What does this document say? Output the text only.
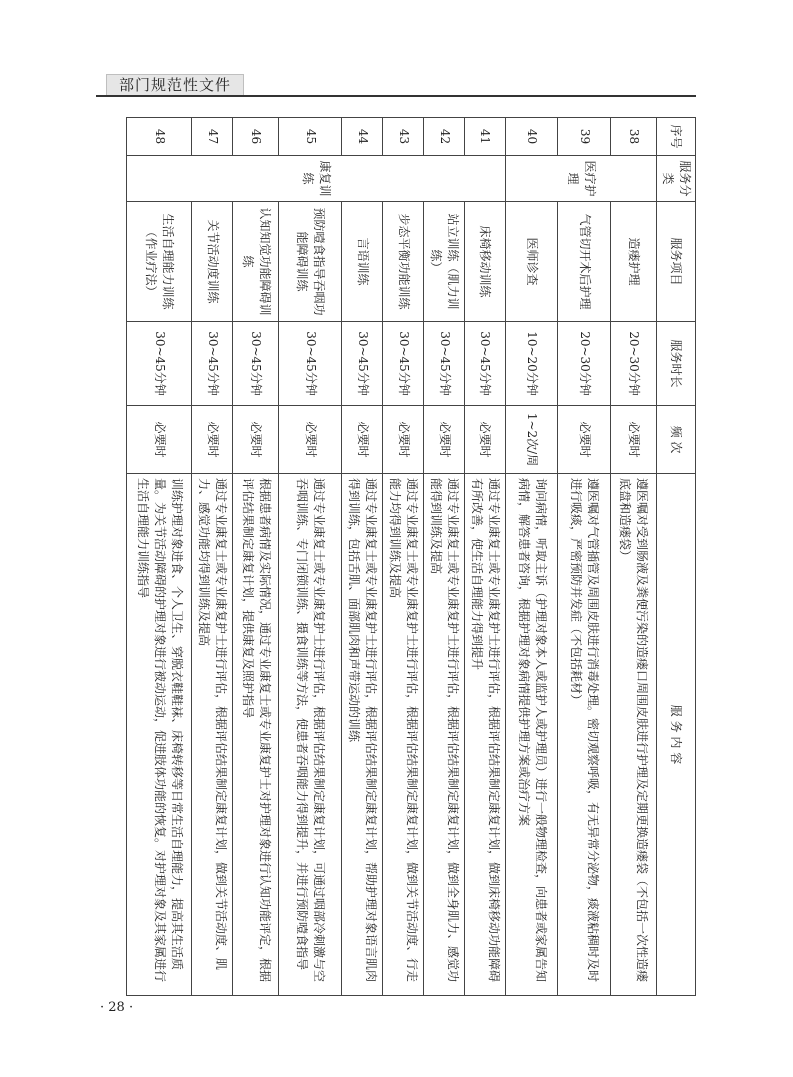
部门规范性文件
序号	服务分类	服务项目	服务时长	频 次	服 务 内 容
38	医疗护理	造瘘护理	20~30分钟	必要时	遵医嘱对受到肠液及粪便污染的造瘘口周围皮肤进行护理及定期更换造瘘袋（不包括一次性造瘘底盘和造瘘袋）
39		气管切开术后护理	20~30分钟	必要时	遵医嘱对气管插管及周围皮肤进行消毒处理。密切观察呼吸，有无异常分泌物，痰液粘稠时及时进行吸痰，严密预防并发症（不包括耗材）
40		医师诊查	10~20分钟	1~2次/周	询问病情，听取主诉（护理对象本人或监护人或护理员）进行一般物理检查，向患者或家属告知病情，解答患者咨询，根据护理对象病情提供护理方案或治疗方案
41	康复训练	床椅移动训练	30~45分钟	必要时	通过专业康复士或专业康复护士进行评估，根据评估结果制定康复计划，做到床椅移动功能障碍有所改善，使生活自理能力得到提升
42		站立训练（肌力训练）	30~45分钟	必要时	通过专业康复士或专业康复护士进行评估，根据评估结果制定康复计划，做到全身肌力、感觉功能得到训练及提高
43		步态平衡功能训练	30~45分钟	必要时	通过专业康复士或专业康复护士进行评估，根据评估结果制定康复计划，做到关节活动度、行走能力均得到训练及提高
44		言语训练	30~45分钟	必要时	通过专业康复士或专业康复护士进行评估，根据评估结果制定康复计划，帮助护理对象语言肌肉得到训练，包括舌肌、面部肌肉和声带运动的训练
45		预防噎食指导吞咽功能障碍训练	30~45分钟	必要时	通过专业康复士或专业康复护士进行评估，根据评估结果制定康复计划，可通过咽部冷刺激与空吞咽训练、专门闭锁训练、摄食训练等方法，使患者吞咽能力得到提升，并进行预防噎食指导
46		认知知觉功能障碍训练	30~45分钟	必要时	根据患者病情及实际情况，通过专业康复士或专业康复护士对护理对象进行认知功能评定，根据评估结果制定康复计划，提供康复及照护指导
47		关节活动度训练	30~45分钟	必要时	通过专业康复士或专业康复护士进行评估，根据评估结果制定康复计划，做到关节活动度、肌力、感觉功能均得到训练及提高
48		生活自理能力训练（作业疗法）	30~45分钟	必要时	训练护理对象进食、个人卫生、穿脱衣鞋鞋袜、床椅转移等日常生活自理能力，提高其生活质量。为关节活动障碍的护理对象进行被动运动，促进肢体功能的恢复。对护理对象及其家属进行生活自理能力训练指导
· 28 ·
